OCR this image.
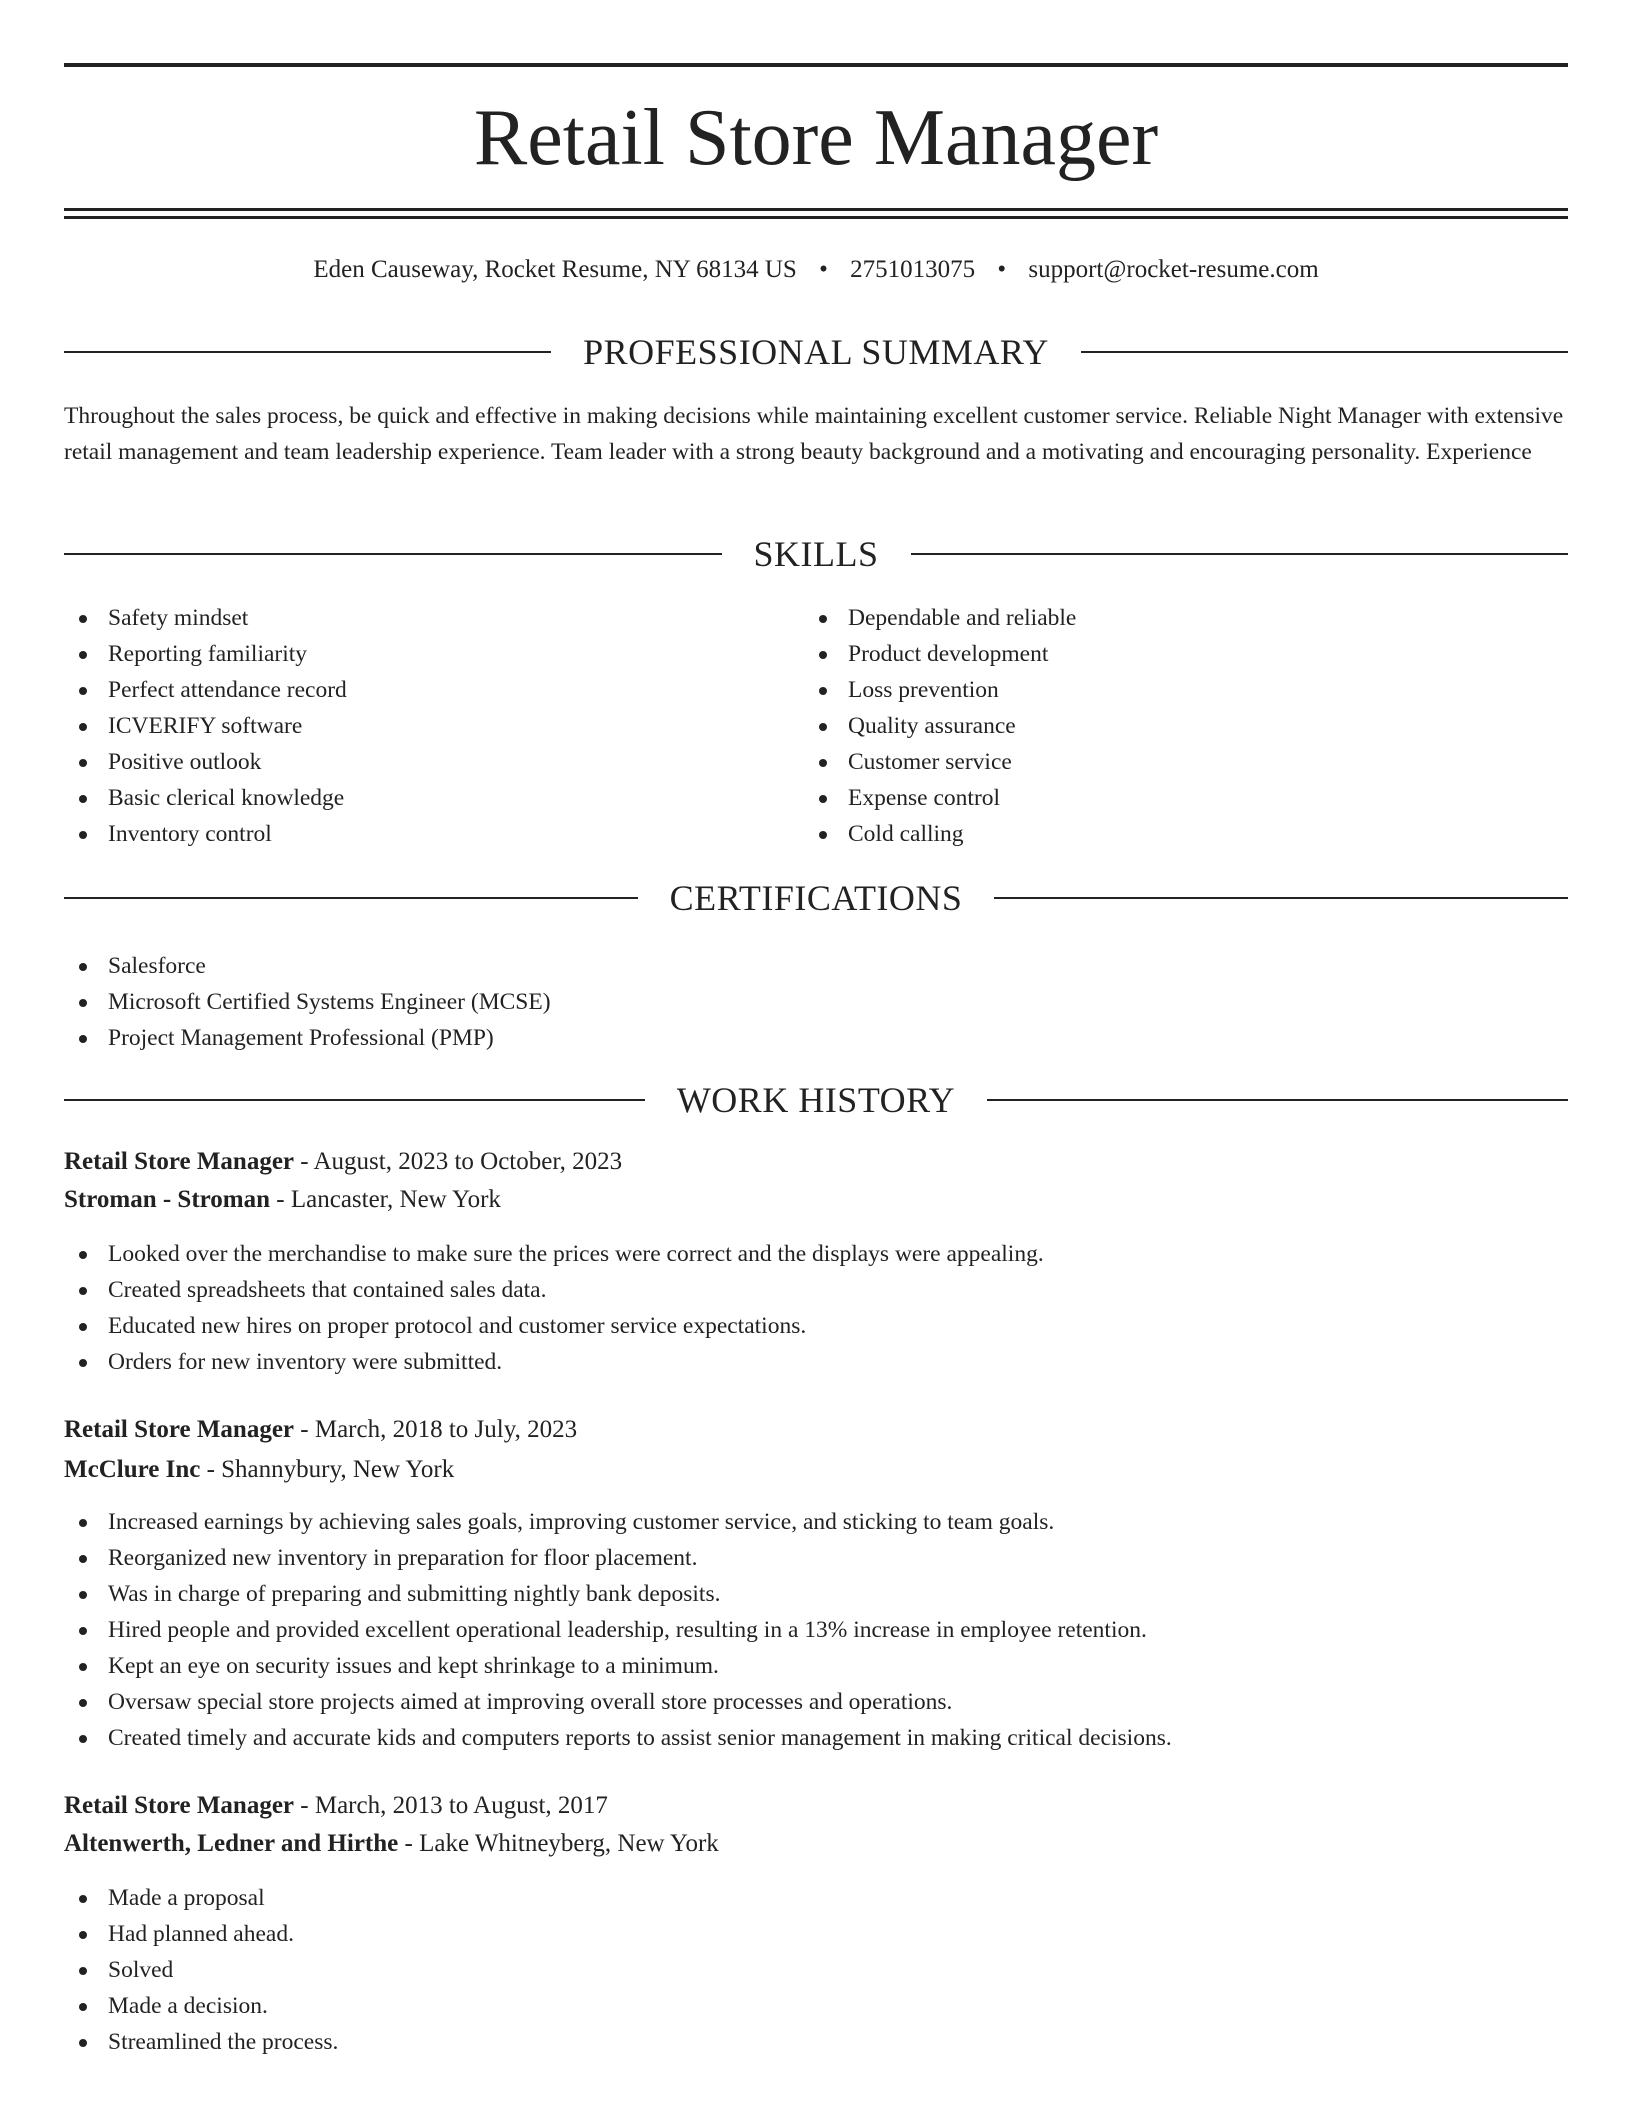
Retail Store Manager
Eden Causeway, Rocket Resume, NY 68134 US • 2751013075 • support@rocket-resume.com
PROFESSIONAL SUMMARY

Throughout the sales process, be quick and effective in making decisions while maintaining excellent customer service. Reliable Night Manager with extensive retail management and team leadership experience. Team leader with a strong beauty background and a motivating and encouraging personality. Experience

SKILLS
Safety mindset
Reporting familiarity
Perfect attendance record
ICVERIFY software
Positive outlook
Basic clerical knowledge
Inventory control
Dependable and reliable
Product development
Loss prevention
Quality assurance
Customer service
Expense control
Cold calling
CERTIFICATIONS
Salesforce
Microsoft Certified Systems Engineer (MCSE)
Project Management Professional (PMP)
WORK HISTORY
Retail Store Manager - August, 2023 to October, 2023
Stroman - Stroman - Lancaster, New York
Looked over the merchandise to make sure the prices were correct and the displays were appealing.
Created spreadsheets that contained sales data.
Educated new hires on proper protocol and customer service expectations.
Orders for new inventory were submitted.
Retail Store Manager - March, 2018 to July, 2023
McClure Inc - Shannybury, New York
Increased earnings by achieving sales goals, improving customer service, and sticking to team goals.
Reorganized new inventory in preparation for floor placement.
Was in charge of preparing and submitting nightly bank deposits.
Hired people and provided excellent operational leadership, resulting in a 13% increase in employee retention.
Kept an eye on security issues and kept shrinkage to a minimum.
Oversaw special store projects aimed at improving overall store processes and operations.
Created timely and accurate kids and computers reports to assist senior management in making critical decisions.
Retail Store Manager - March, 2013 to August, 2017
Altenwerth, Ledner and Hirthe - Lake Whitneyberg, New York
Made a proposal
Had planned ahead.
Solved
Made a decision.
Streamlined the process.
